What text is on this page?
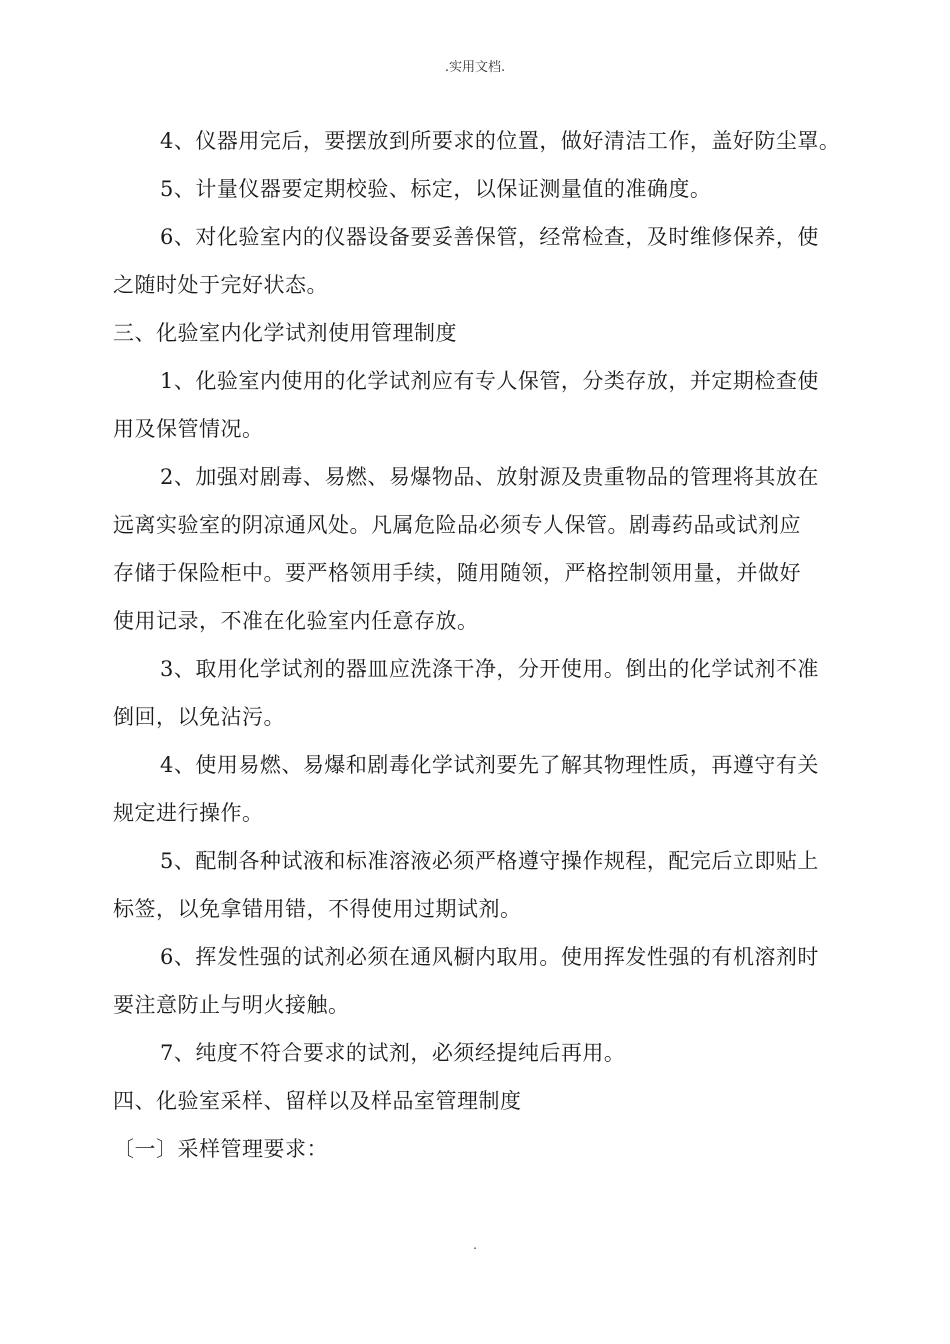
.实用文档.
4、仪器用完后，要摆放到所要求的位置，做好清洁工作，盖好防尘罩。
5、计量仪器要定期校验、标定，以保证测量值的准确度。
6、对化验室内的仪器设备要妥善保管，经常检查，及时维修保养，使
之随时处于完好状态。
三、化验室内化学试剂使用管理制度
1、化验室内使用的化学试剂应有专人保管，分类存放，并定期检查使
用及保管情况。
2、加强对剧毒、易燃、易爆物品、放射源及贵重物品的管理将其放在
远离实验室的阴凉通风处。凡属危险品必须专人保管。剧毒药品或试剂应
存储于保险柜中。要严格领用手续，随用随领，严格控制领用量，并做好
使用记录，不准在化验室内任意存放。
3、取用化学试剂的器皿应洗涤干净，分开使用。倒出的化学试剂不准
倒回，以免沾污。
4、使用易燃、易爆和剧毒化学试剂要先了解其物理性质，再遵守有关
规定进行操作。
5、配制各种试液和标准溶液必须严格遵守操作规程，配完后立即贴上
标签，以免拿错用错，不得使用过期试剂。
6、挥发性强的试剂必须在通风橱内取用。使用挥发性强的有机溶剂时
要注意防止与明火接触。
7、纯度不符合要求的试剂，必须经提纯后再用。
四、化验室采样、留样以及样品室管理制度
〔一〕采样管理要求：
.
